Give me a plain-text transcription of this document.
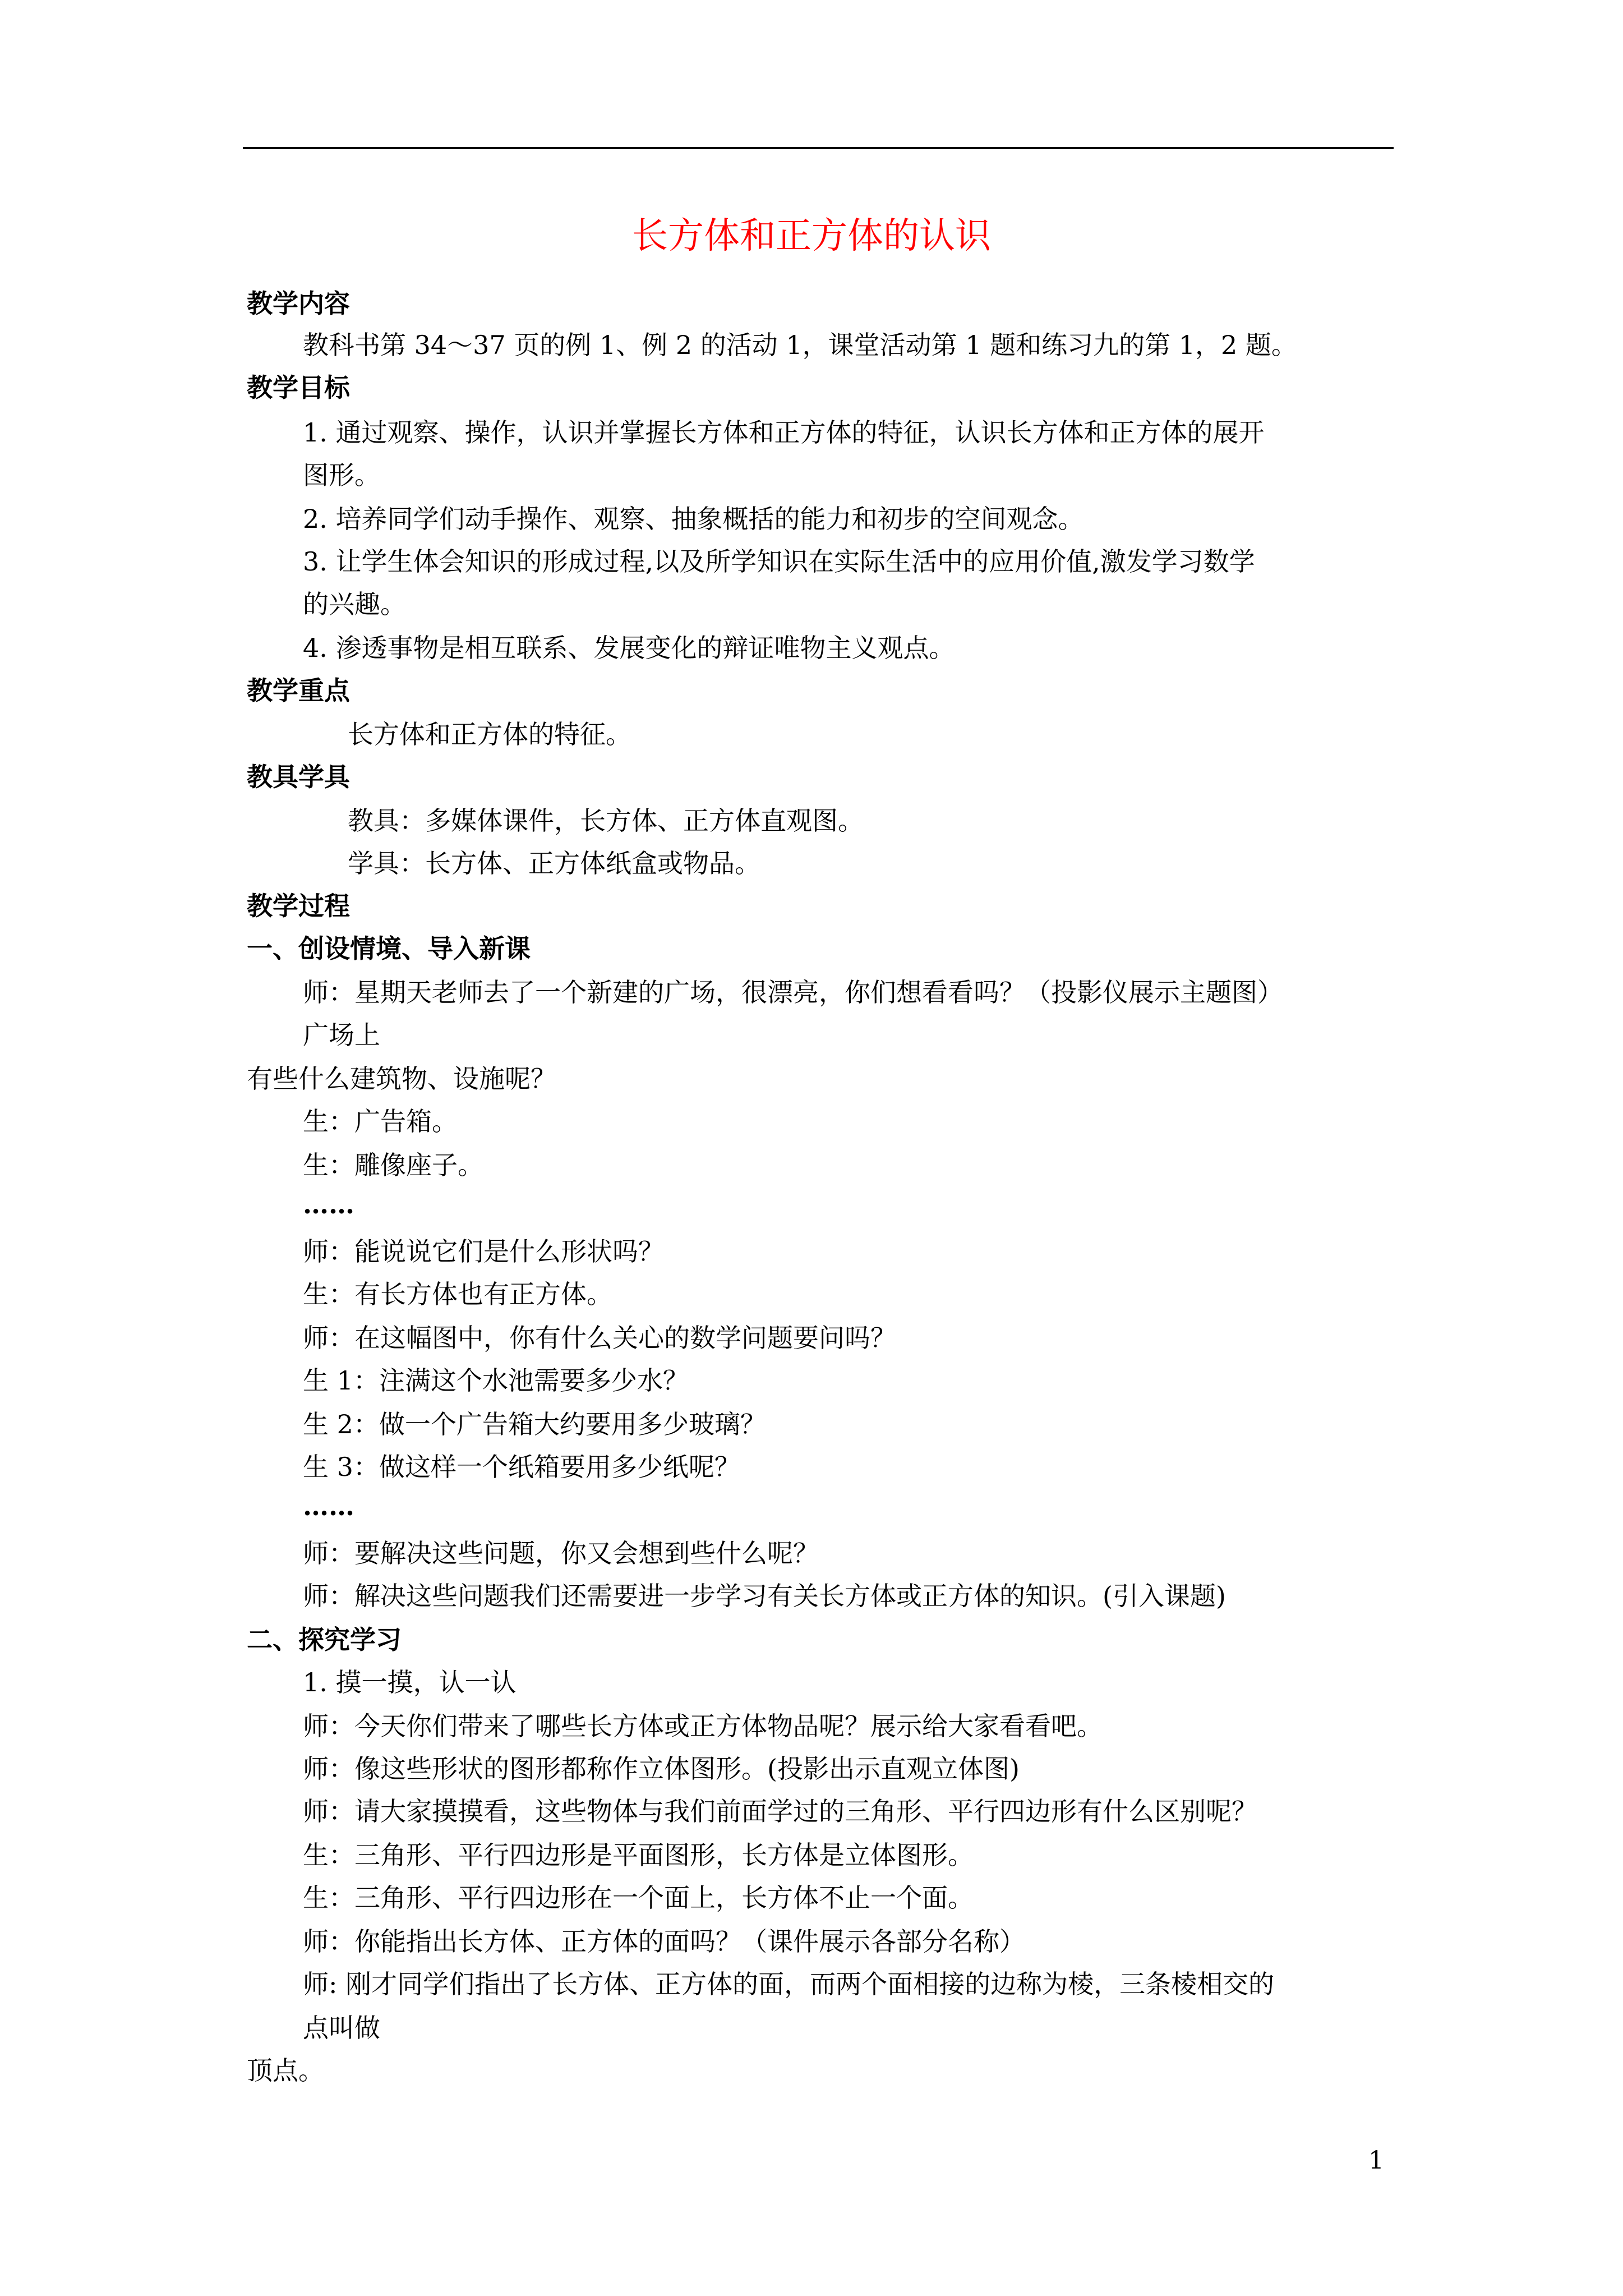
长方体和正方体的认识
教学内容
教科书第 34～37 页的例 1、例 2 的活动 1，课堂活动第 1 题和练习九的第 1，2 题。
教学目标
1. 通过观察、操作，认识并掌握长方体和正方体的特征，认识长方体和正方体的展开
图形。
2. 培养同学们动手操作、观察、抽象概括的能力和初步的空间观念。
3. 让学生体会知识的形成过程,以及所学知识在实际生活中的应用价值,激发学习数学
的兴趣。
4. 渗透事物是相互联系、发展变化的辩证唯物主义观点。
教学重点
长方体和正方体的特征。
教具学具
教具：多媒体课件，长方体、正方体直观图。
学具：长方体、正方体纸盒或物品。
教学过程
一、创设情境、导入新课
师：星期天老师去了一个新建的广场，很漂亮，你们想看看吗？（投影仪展示主题图）
广场上
有些什么建筑物、设施呢？
生：广告箱。
生：雕像座子。
……
师：能说说它们是什么形状吗？
生：有长方体也有正方体。
师：在这幅图中，你有什么关心的数学问题要问吗？
生 1：注满这个水池需要多少水？
生 2：做一个广告箱大约要用多少玻璃？
生 3：做这样一个纸箱要用多少纸呢？
……
师：要解决这些问题，你又会想到些什么呢？
师：解决这些问题我们还需要进一步学习有关长方体或正方体的知识。(引入课题)
二、探究学习
1. 摸一摸，认一认
师：今天你们带来了哪些长方体或正方体物品呢？展示给大家看看吧。
师：像这些形状的图形都称作立体图形。(投影出示直观立体图)
师：请大家摸摸看，这些物体与我们前面学过的三角形、平行四边形有什么区别呢？
生：三角形、平行四边形是平面图形，长方体是立体图形。
生：三角形、平行四边形在一个面上，长方体不止一个面。
师：你能指出长方体、正方体的面吗？（课件展示各部分名称）
师: 刚才同学们指出了长方体、正方体的面，而两个面相接的边称为棱，三条棱相交的
点叫做
顶点。
1
